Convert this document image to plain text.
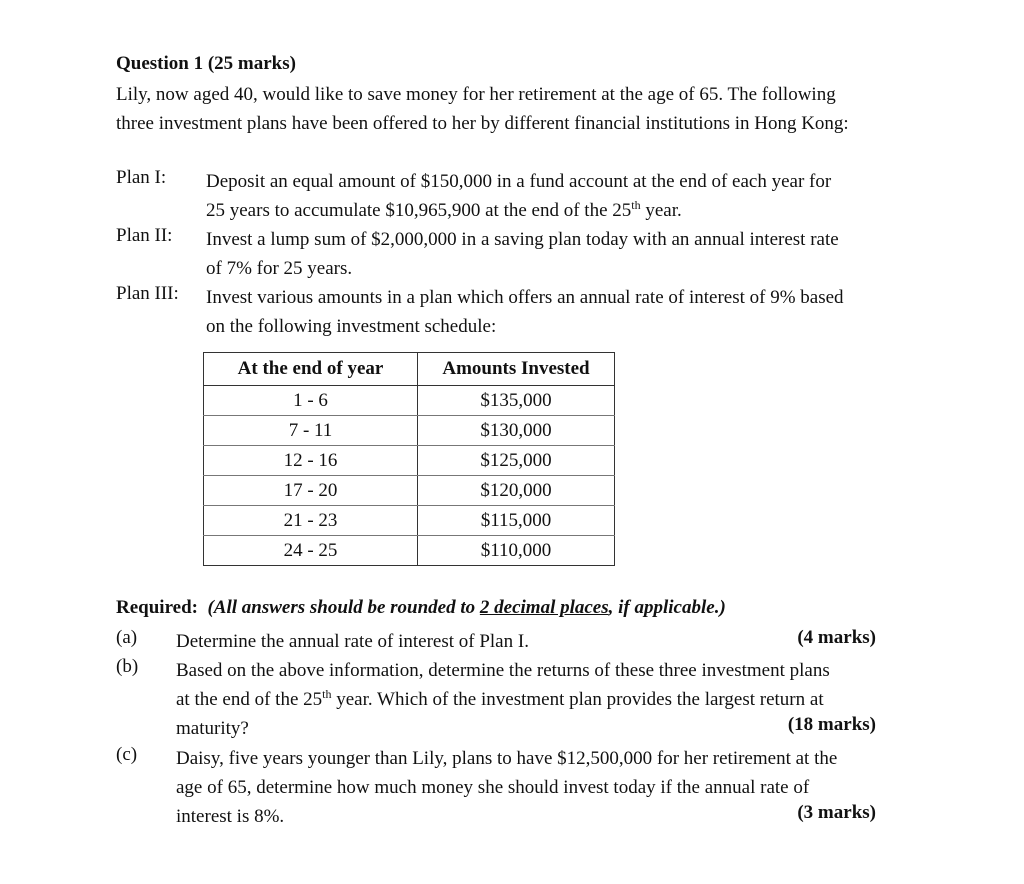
Question 1 (25 marks)
Lily, now aged 40, would like to save money for her retirement at the age of 65. The following
three investment plans have been offered to her by different financial institutions in Hong Kong:
Plan I: Deposit an equal amount of $150,000 in a fund account at the end of each year for
25 years to accumulate $10,965,900 at the end of the 25th year.
Plan II: Invest a lump sum of $2,000,000 in a saving plan today with an annual interest rate
of 7% for 25 years.
Plan III: Invest various amounts in a plan which offers an annual rate of interest of 9% based
on the following investment schedule:
At the end of year	Amounts Invested
1 - 6	$135,000
7 - 11	$130,000
12 - 16	$125,000
17 - 20	$120,000
21 - 23	$115,000
24 - 25	$110,000
Required: (All answers should be rounded to 2 decimal places, if applicable.)
(a) Determine the annual rate of interest of Plan I.	(4 marks)
(b) Based on the above information, determine the returns of these three investment plans
at the end of the 25th year. Which of the investment plan provides the largest return at
maturity?	(18 marks)
(c) Daisy, five years younger than Lily, plans to have $12,500,000 for her retirement at the
age of 65, determine how much money she should invest today if the annual rate of
interest is 8%.	(3 marks)
